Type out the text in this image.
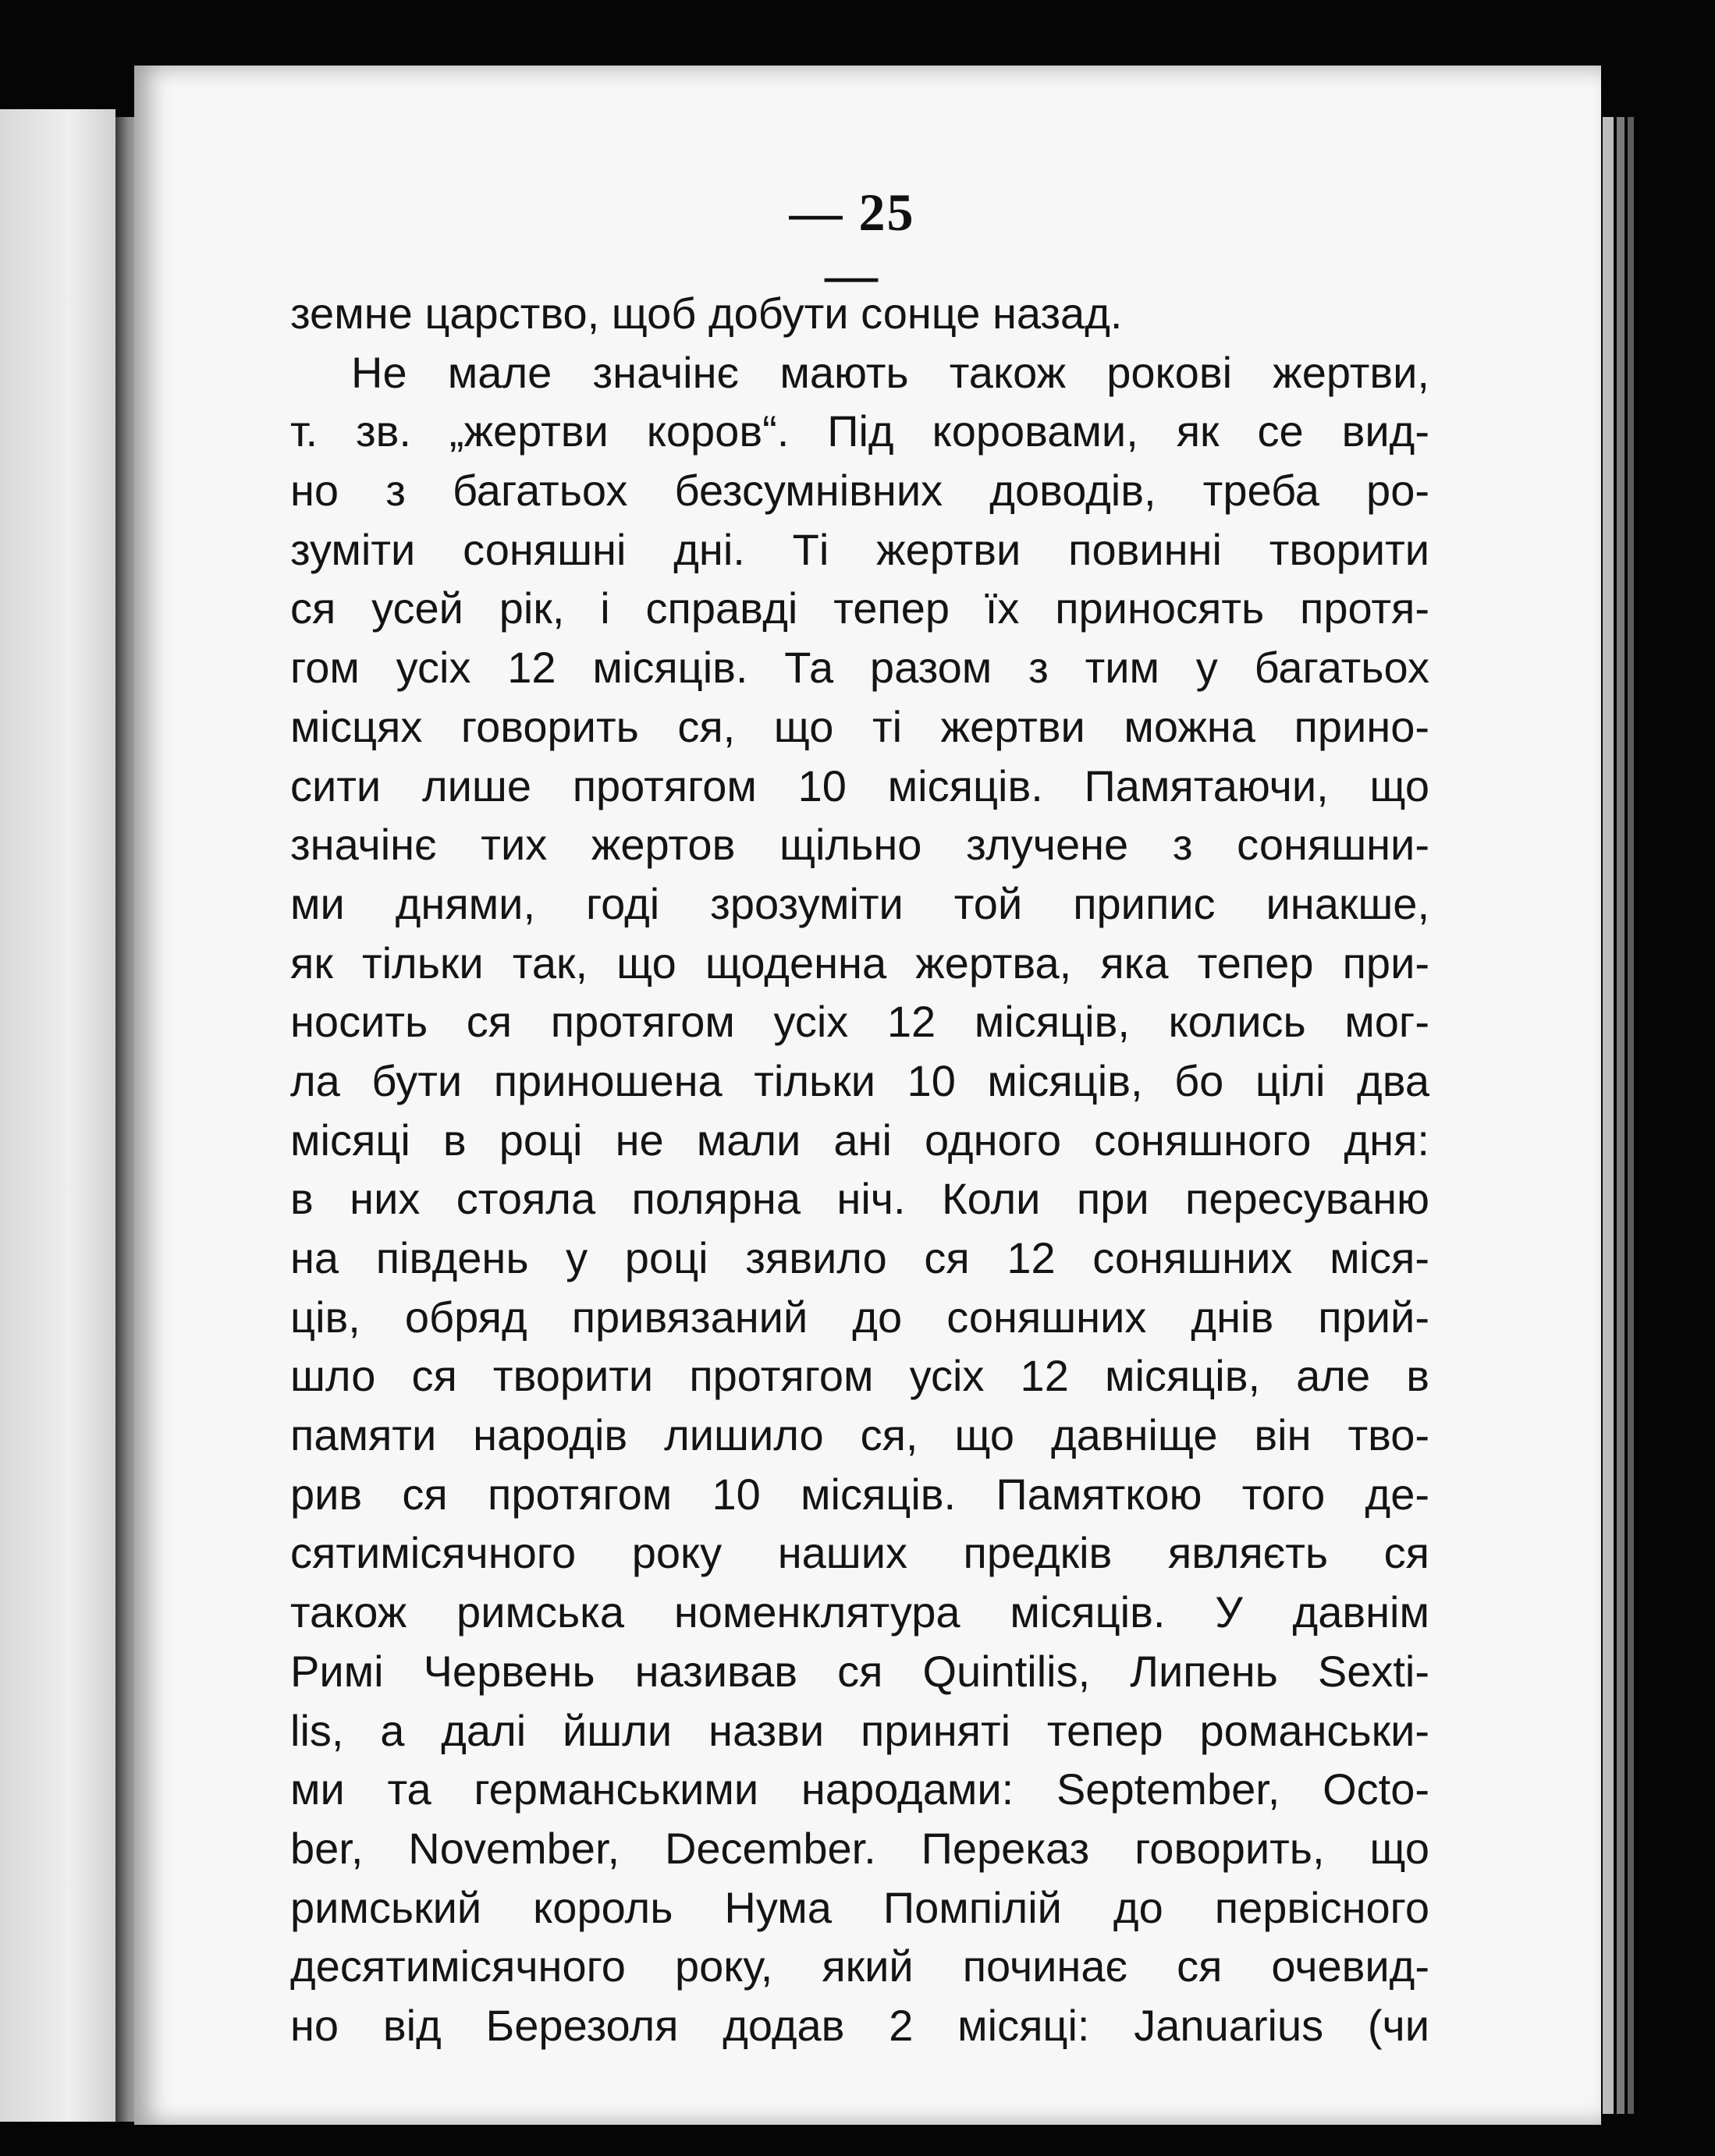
— 25 —
земне царство, щоб добути сонце назад.
Не мале значінє мають також рокові жертви,
т. зв. „жертви коров“. Під коровами, як се вид-
но з багатьох безсумнівних доводів, треба ро-
зуміти соняшні дні. Ті жертви повинні творити
ся усей рік, і справді тепер їх приносять протя-
гом усіх 12 місяців. Та разом з тим у багатьох
місцях говорить ся, що ті жертви можна прино-
сити лише протягом 10 місяців. Памятаючи, що
значінє тих жертов щільно злучене з соняшни-
ми днями, годі зрозуміти той припис инакше,
як тільки так, що щоденна жертва, яка тепер при-
носить ся протягом усіх 12 місяців, колись мог-
ла бути приношена тільки 10 місяців, бо цілі два
місяці в році не мали ані одного соняшного дня:
в них стояла полярна ніч. Коли при пересуваню
на південь у році зявило ся 12 соняшних міся-
ців, обряд привязаний до соняшних днів прий-
шло ся творити протягом усіх 12 місяців, але в
памяти народів лишило ся, що давніще він тво-
рив ся протягом 10 місяців. Памяткою того де-
сятимісячного року наших предків являєть ся
також римська номенклятура місяців. У давнім
Римі Червень називав ся Quintilis, Липень Sexti-
lis, а далі йшли назви приняті тепер романськи-
ми та германськими народами: September, Octo-
ber, November, December. Переказ говорить, що
римський король Нума Помпілій до первісного
десятимісячного року, який починає ся очевид-
но від Березоля додав 2 місяці: Januarius (чи
